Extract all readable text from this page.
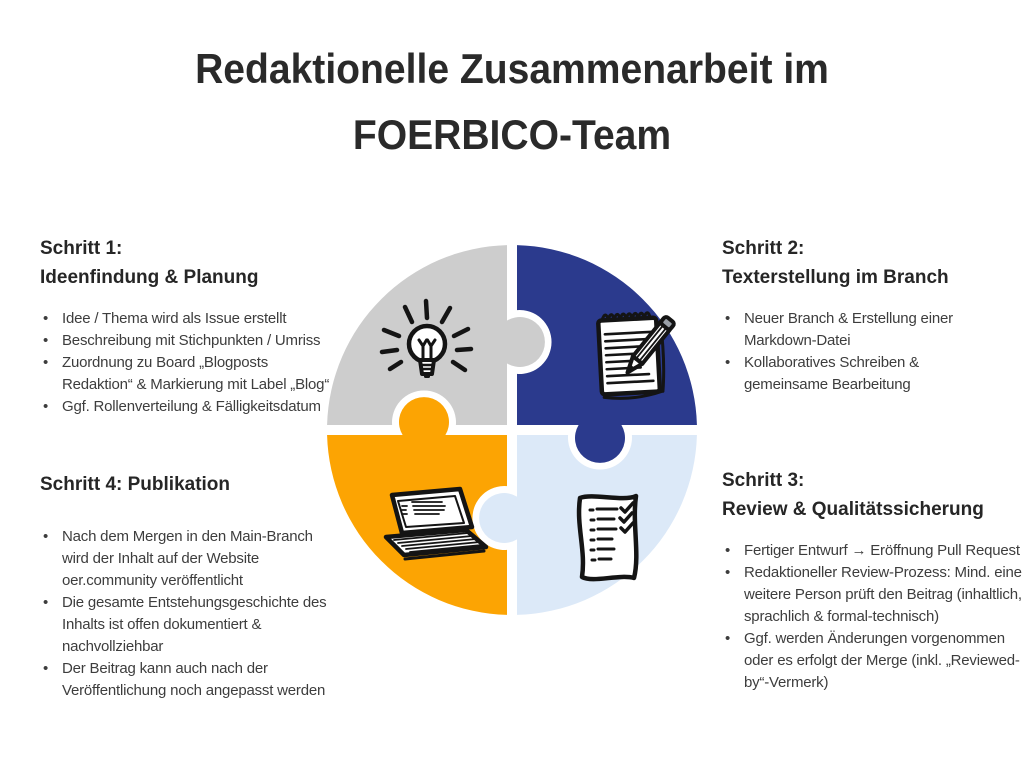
Redaktionelle Zusammenarbeit im
FOERBICO-Team
Schritt 1:
Ideenfindung & Planung
• Idee / Thema wird als Issue erstellt
• Beschreibung mit Stichpunkten / Umriss
• Zuordnung zu Board „Blogposts Redaktion“ & Markierung mit Label „Blog“
• Ggf. Rollenverteilung & Fälligkeitsdatum
Schritt 2:
Texterstellung im Branch
• Neuer Branch & Erstellung einer Markdown-Datei
• Kollaboratives Schreiben & gemeinsame Bearbeitung
Schritt 3:
Review & Qualitätssicherung
• Fertiger Entwurf → Eröffnung Pull Request
• Redaktioneller Review-Prozess: Mind. eine weitere Person prüft den Beitrag (inhaltlich, sprachlich & formal-technisch)
• Ggf. werden Änderungen vorgenommen oder es erfolgt der Merge (inkl. „Reviewed-by“-Vermerk)
Schritt 4: Publikation
• Nach dem Mergen in den Main-Branch wird der Inhalt auf der Website oer.community veröffentlicht
• Die gesamte Entstehungsgeschichte des Inhalts ist offen dokumentiert & nachvollziehbar
• Der Beitrag kann auch nach der Veröffentlichung noch angepasst werden
